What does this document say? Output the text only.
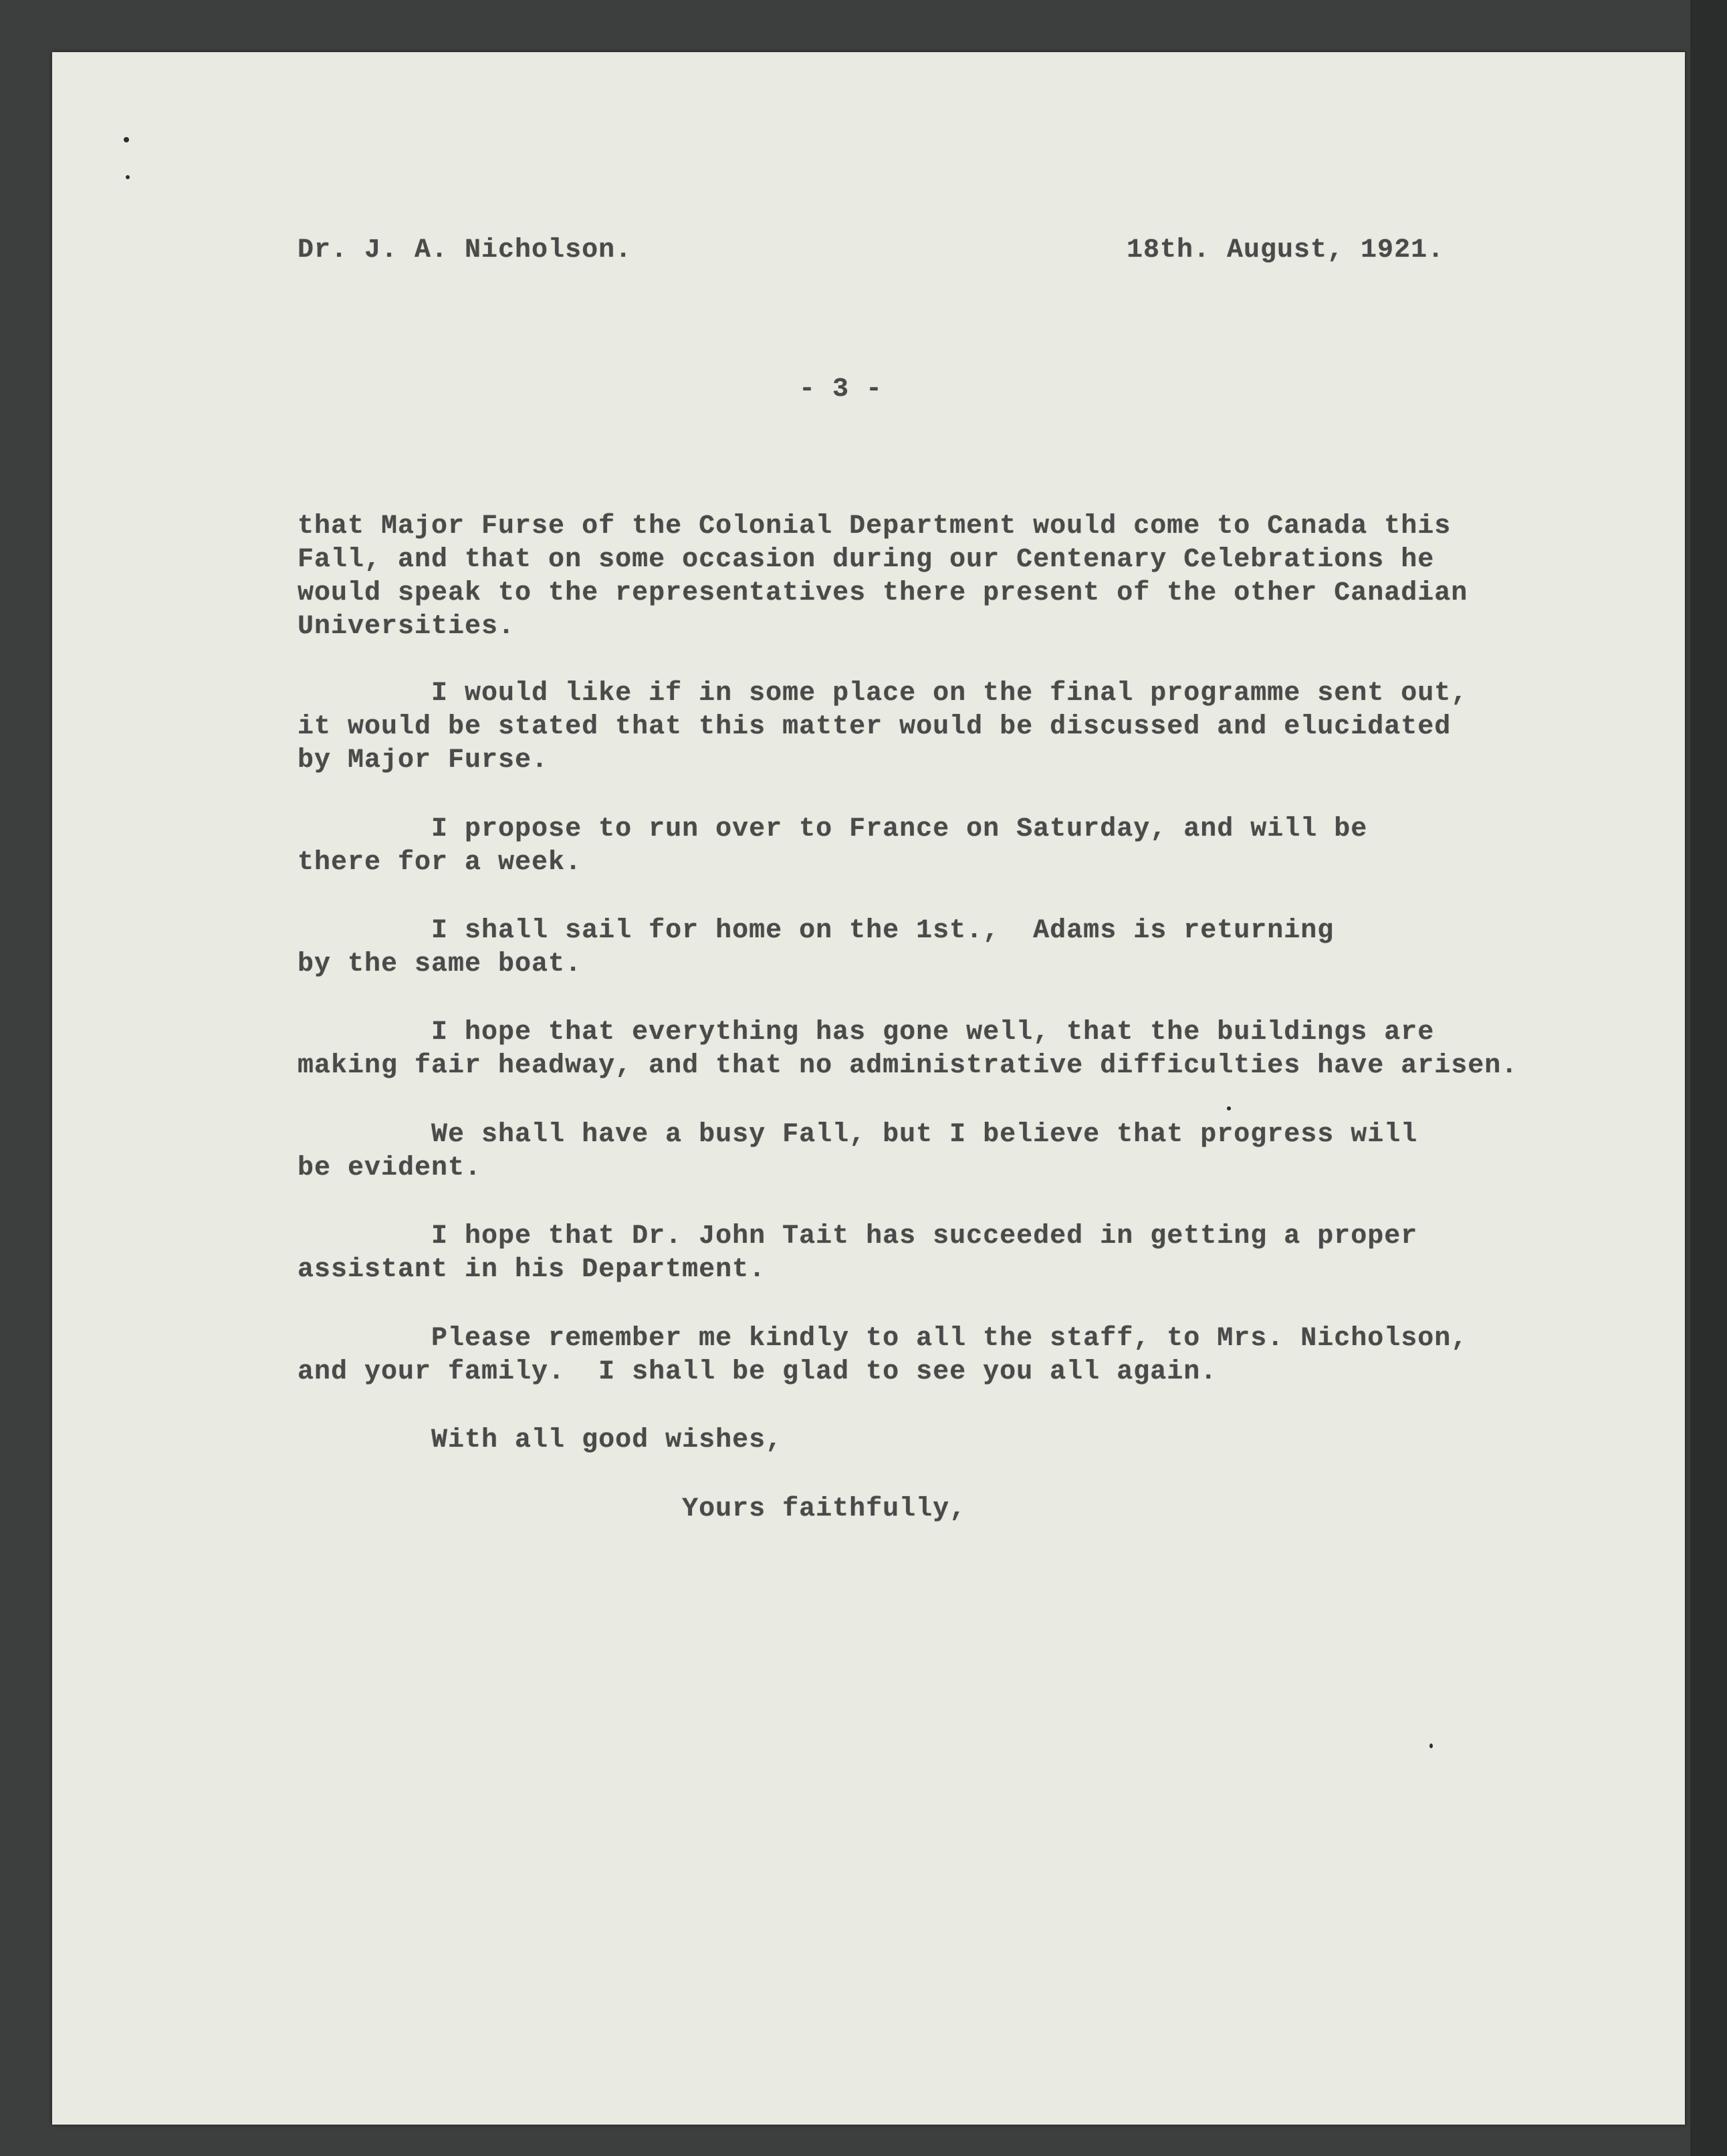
Dr. J. A. Nicholson.	18th. August, 1921.
- 3 -
that Major Furse of the Colonial Department would come to Canada this
Fall, and that on some occasion during our Centenary Celebrations he
would speak to the representatives there present of the other Canadian
Universities.
I would like if in some place on the final programme sent out,
it would be stated that this matter would be discussed and elucidated
by Major Furse.
I propose to run over to France on Saturday, and will be
there for a week.
I shall sail for home on the 1st.,  Adams is returning
by the same boat.
I hope that everything has gone well, that the buildings are
making fair headway, and that no administrative difficulties have arisen.
We shall have a busy Fall, but I believe that progress will
be evident.
I hope that Dr. John Tait has succeeded in getting a proper
assistant in his Department.
Please remember me kindly to all the staff, to Mrs. Nicholson,
and your family.  I shall be glad to see you all again.
With all good wishes,
Yours faithfully,
